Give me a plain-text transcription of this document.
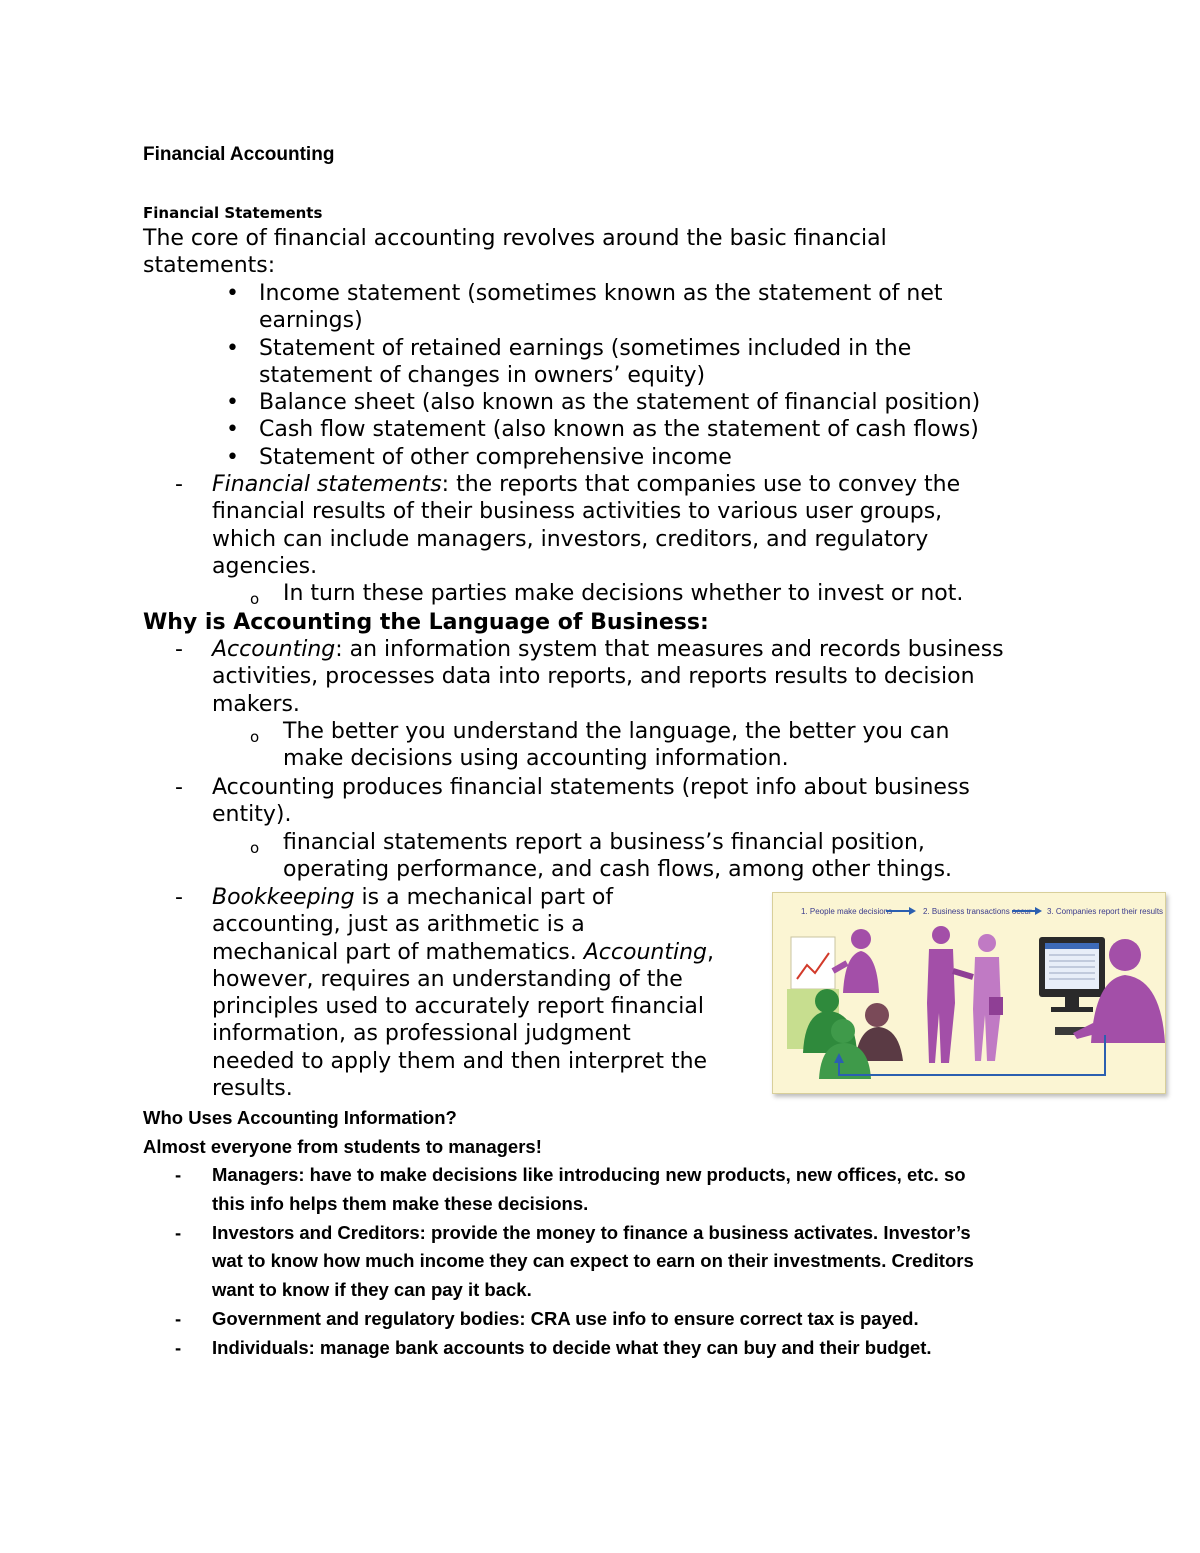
Financial Accounting
Financial Statements
The core of financial accounting revolves around the basic financial
statements:
• Income statement (sometimes known as the statement of net
earnings)
• Statement of retained earnings (sometimes included in the
statement of changes in owners’ equity)
• Balance sheet (also known as the statement of financial position)
• Cash flow statement (also known as the statement of cash flows)
• Statement of other comprehensive income
- Financial statements: the reports that companies use to convey the
financial results of their business activities to various user groups,
which can include managers, investors, creditors, and regulatory
agencies.
o In turn these parties make decisions whether to invest or not.
Why is Accounting the Language of Business:
- Accounting: an information system that measures and records business
activities, processes data into reports, and reports results to decision
makers.
o The better you understand the language, the better you can
make decisions using accounting information.
- Accounting produces financial statements (repot info about business
entity).
o financial statements report a business’s financial position,
operating performance, and cash flows, among other things.
- Bookkeeping is a mechanical part of
accounting, just as arithmetic is a
mechanical part of mathematics. Accounting,
however, requires an understanding of the
principles used to accurately report financial
information, as professional judgment
needed to apply them and then interpret the
results.
1. People make decisions	2. Business transactions occur 3. Companies report their results
Who Uses Accounting Information?
Almost everyone from students to managers!
- Managers: have to make decisions like introducing new products, new offices, etc. so
this info helps them make these decisions.
- Investors and Creditors: provide the money to finance a business activates. Investor’s
wat to know how much income they can expect to earn on their investments. Creditors
want to know if they can pay it back.
- Government and regulatory bodies: CRA use info to ensure correct tax is payed.
- Individuals: manage bank accounts to decide what they can buy and their budget.
